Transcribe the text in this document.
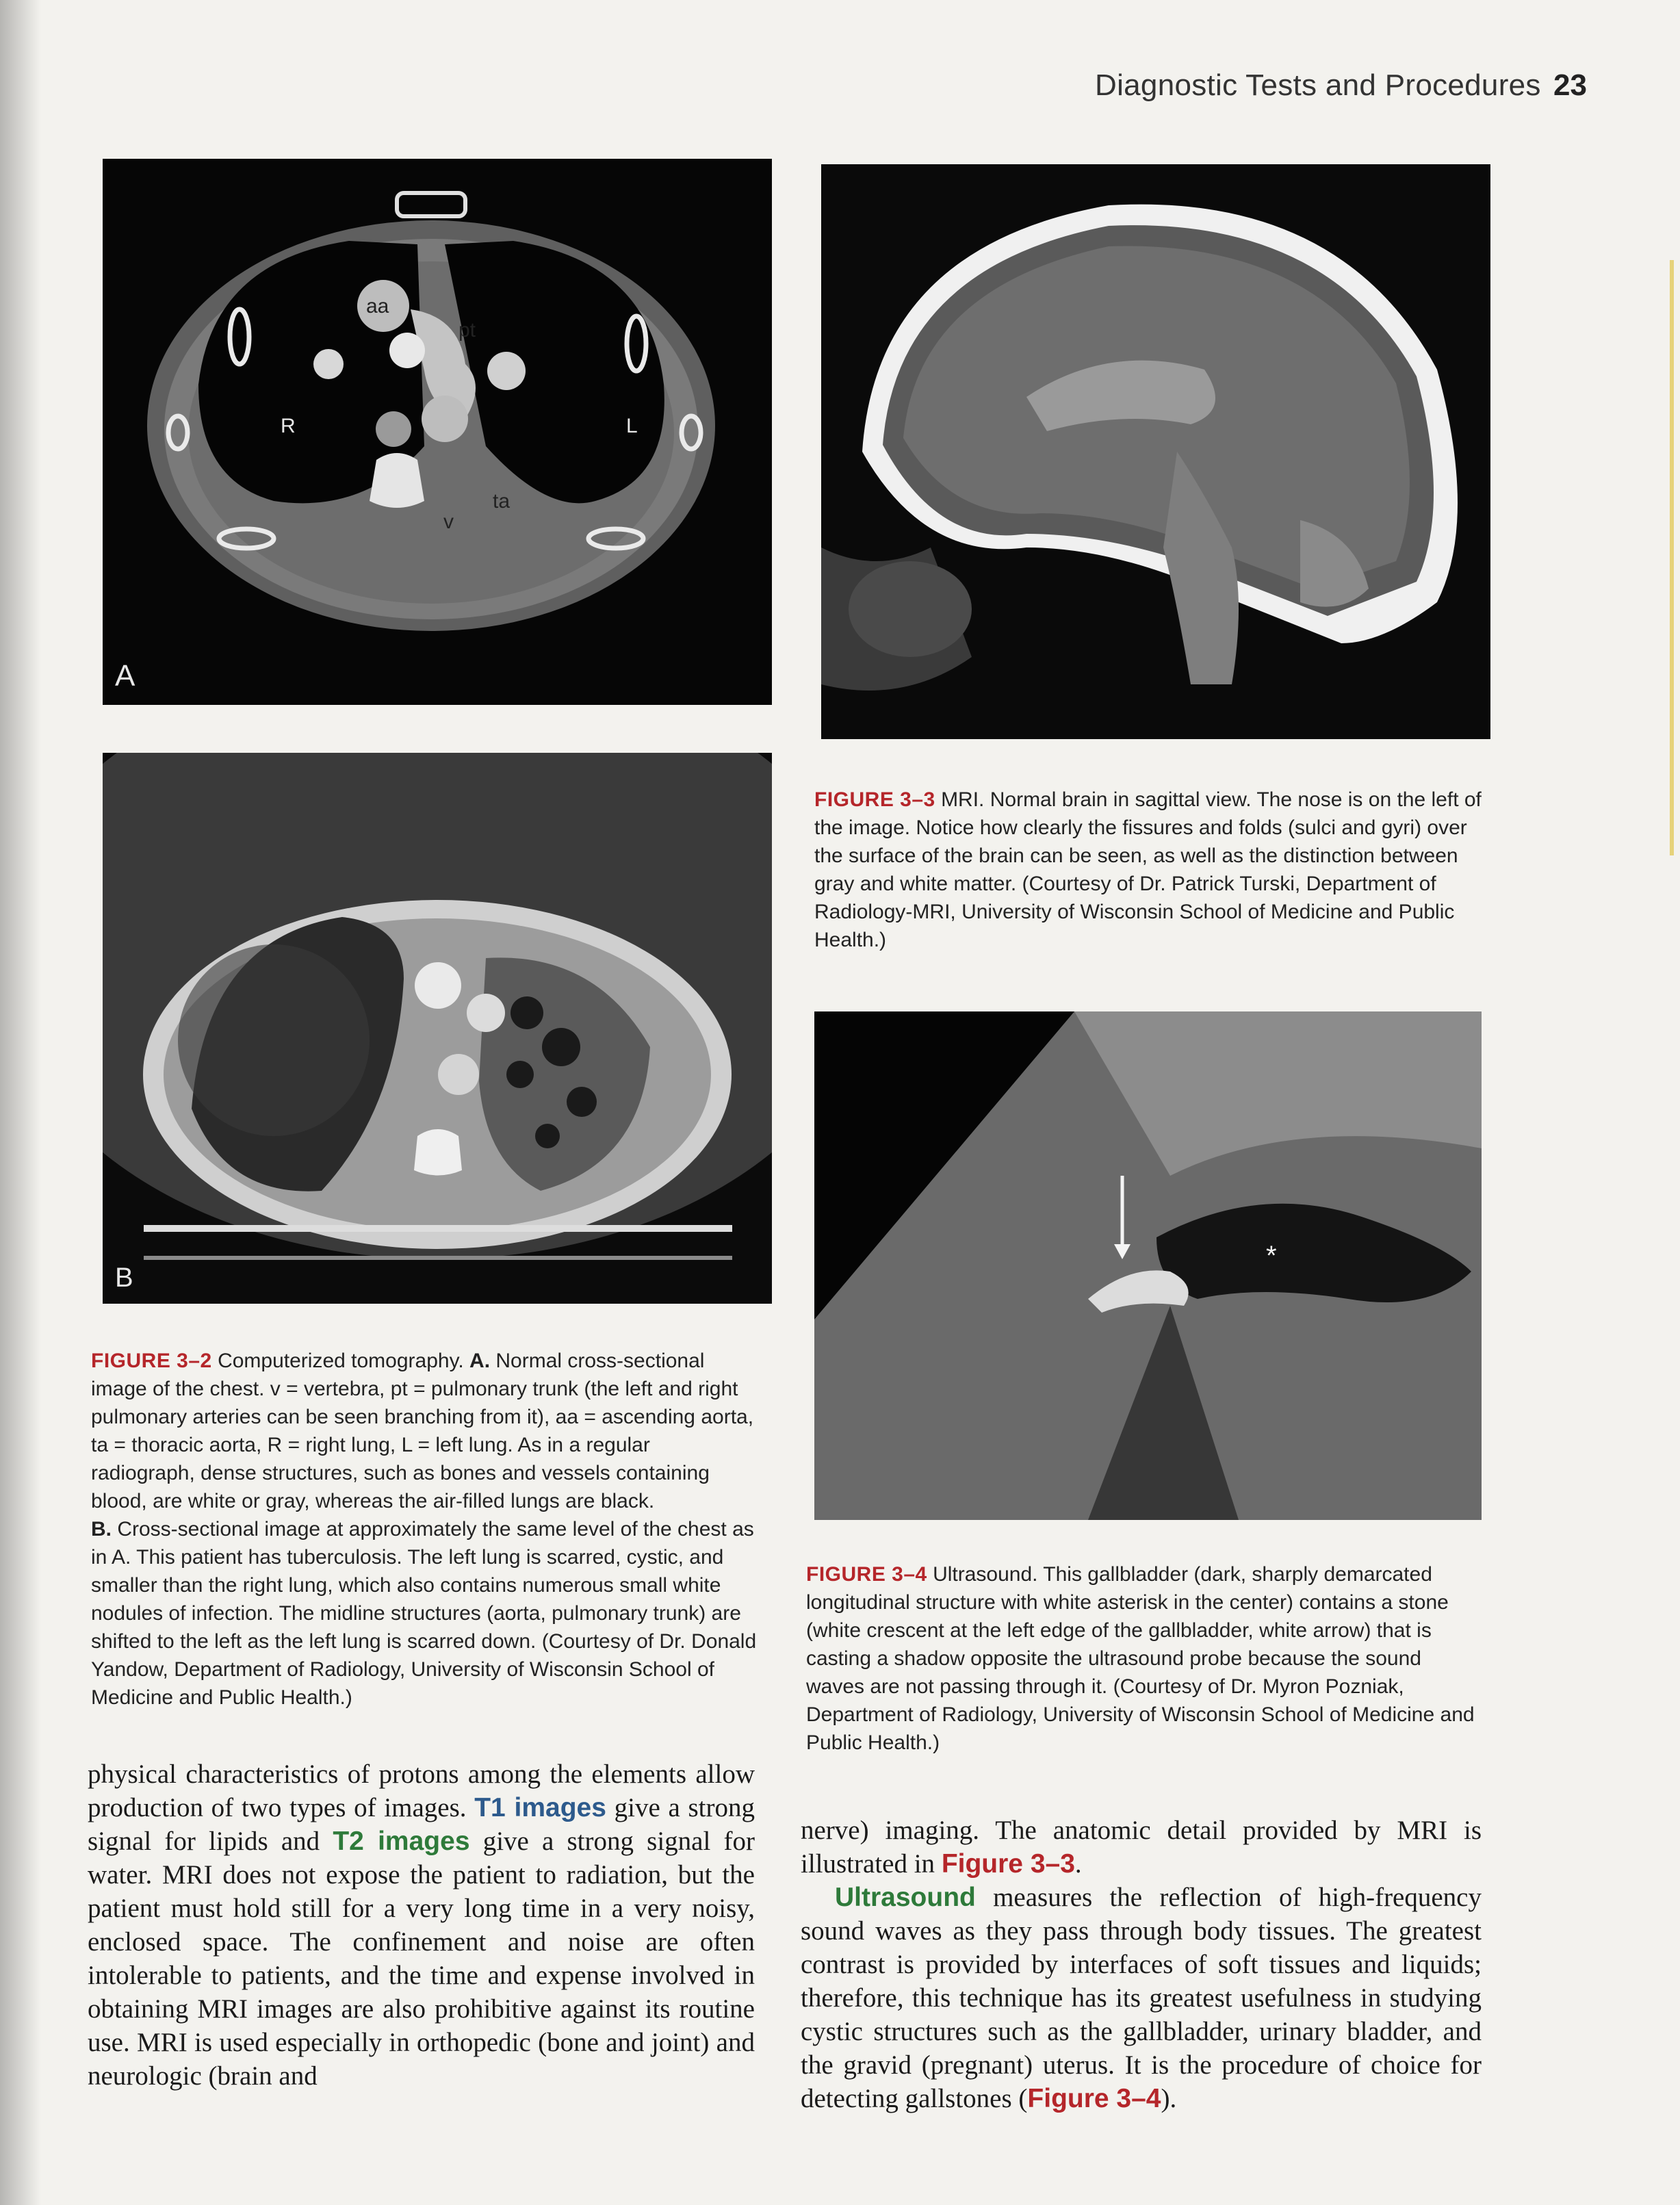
Diagnostic Tests and Procedures 23
aa
pt
R	L
ta
v
A
B
*
FIGURE 3–3 MRI. Normal brain in sagittal view. The nose is on the left of the image. Notice how clearly the fissures and folds (sulci and gyri) over the surface of the brain can be seen, as well as the distinction between gray and white matter. (Courtesy of Dr. Patrick Turski, Department of Radiology-MRI, University of Wisconsin School of Medicine and Public Health.)
FIGURE 3–2 Computerized tomography. A. Normal cross-sectional image of the chest. v = vertebra, pt = pulmonary trunk (the left and right pulmonary arteries can be seen branching from it), aa = ascending aorta, ta = thoracic aorta, R = right lung, L = left lung. As in a regular radiograph, dense structures, such as bones and vessels containing blood, are white or gray, whereas the air-filled lungs are black.
B. Cross-sectional image at approximately the same level of the chest as in A. This patient has tuberculosis. The left lung is scarred, cystic, and smaller than the right lung, which also contains numerous small white nodules of infection. The midline structures (aorta, pulmonary trunk) are shifted to the left as the left lung is scarred down. (Courtesy of Dr. Donald Yandow, Department of Radiology, University of Wisconsin School of Medicine and Public Health.)
FIGURE 3–4 Ultrasound. This gallbladder (dark, sharply demarcated longitudinal structure with white asterisk in the center) contains a stone (white crescent at the left edge of the gallbladder, white arrow) that is casting a shadow opposite the ultrasound probe because the sound waves are not passing through it. (Courtesy of Dr. Myron Pozniak, Department of Radiology, University of Wisconsin School of Medicine and Public Health.)
physical characteristics of protons among the elements allow production of two types of images. T1 images give a strong signal for lipids and T2 images give a strong signal for water. MRI does not expose the patient to radiation, but the patient must hold still for a very long time in a very noisy, enclosed space. The confinement and noise are often intolerable to patients, and the time and expense involved in obtaining MRI images are also prohibitive against its routine use. MRI is used especially in orthopedic (bone and joint) and neurologic (brain and

nerve) imaging. The anatomic detail provided by MRI is illustrated in Figure 3–3.

Ultrasound measures the reflection of high-frequency sound waves as they pass through body tissues. The greatest contrast is provided by interfaces of soft tissues and liquids; therefore, this technique has its greatest usefulness in studying cystic structures such as the gallbladder, urinary bladder, and the gravid (pregnant) uterus. It is the procedure of choice for detecting gallstones (Figure 3–4).
